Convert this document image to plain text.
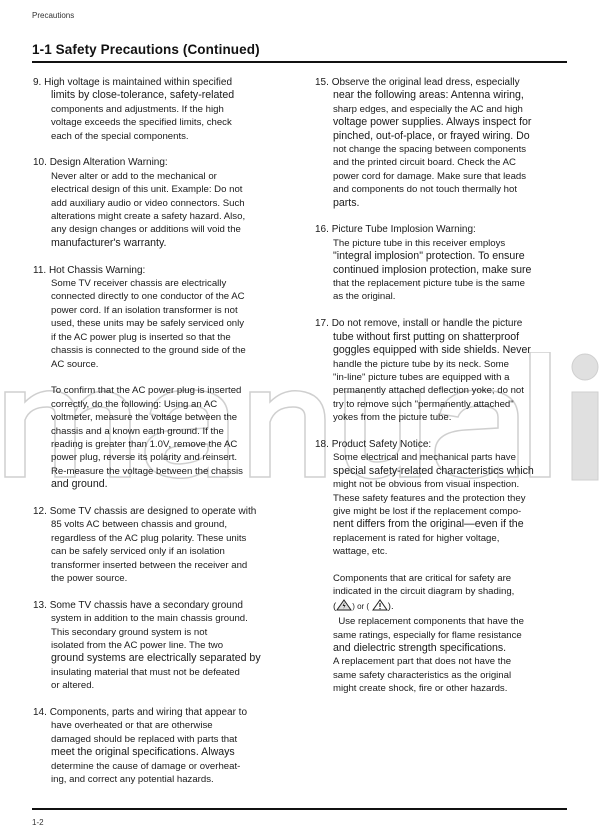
Precautions
1-1 Safety Precautions (Continued)
9. High voltage is maintained within specified
limits by close-tolerance, safety-related
components and adjustments. If the high
voltage exceeds the specified limits, check
each of the special components.
10. Design Alteration Warning:
Never alter or add to the mechanical or
electrical design of this unit. Example: Do not
add auxiliary audio or video connectors. Such
alterations might create a safety hazard. Also,
any design changes or additions will void the
manufacturer's warranty.
11. Hot Chassis Warning:
Some TV receiver chassis are electrically
connected directly to one conductor of the AC
power cord. If an isolation transformer is not
used, these units may be safely serviced only
if the AC power plug is inserted so that the
chassis is connected to the ground side of the
AC source.

To confirm that the AC power plug is inserted
correctly, do the following: Using an AC
voltmeter, measure the voltage between the
chassis and a known earth ground. If the
reading is greater than 1.0V, remove the AC
power plug, reverse its polarity and reinsert.
Re-measure the voltage between the chassis
and ground.
12. Some TV chassis are designed to operate with
85 volts AC between chassis and ground,
regardless of the AC plug polarity. These units
can be safely serviced only if an isolation
transformer inserted between the receiver and
the power source.
13. Some TV chassis have a secondary ground
system in addition to the main chassis ground.
This secondary ground system is not
isolated from the AC power line. The two
ground systems are electrically separated by
insulating material that must not be defeated
or altered.
14. Components, parts and wiring that appear to
have overheated or that are otherwise
damaged should be replaced with parts that
meet the original specifications. Always
determine the cause of damage or overheat-
ing, and correct any potential hazards.
15. Observe the original lead dress, especially
near the following areas: Antenna wiring,
sharp edges, and especially the AC and high
voltage power supplies. Always inspect for
pinched, out-of-place, or frayed wiring. Do
not change the spacing between components
and the printed circuit board. Check the AC
power cord for damage. Make sure that leads
and components do not touch thermally hot
parts.
16. Picture Tube Implosion Warning:
The picture tube in this receiver employs
"integral implosion" protection. To ensure
continued implosion protection, make sure
that the replacement picture tube is the same
as the original.
17. Do not remove, install or handle the picture
tube without first putting on shatterproof
goggles equipped with side shields. Never
handle the picture tube by its neck. Some
"in-line" picture tubes are equipped with a
permanently attached deflection yoke; do not
try to remove such "permanently attached"
yokes from the picture tube.
18. Product Safety Notice:
Some electrical and mechanical parts have
special safety-related characteristics which
might not be obvious from visual inspection.
These safety features and the protection they
give might be lost if the replacement compo-
nent differs from the original—even if the
replacement is rated for higher voltage,
wattage, etc.

Components that are critical for safety are
indicated in the circuit diagram by shading,
( ) or ( ).
Use replacement components that have the
same ratings, especially for flame resistance
and dielectric strength specifications.
A replacement part that does not have the
same safety characteristics as the original
might create shock, fire or other hazards.
1-2
